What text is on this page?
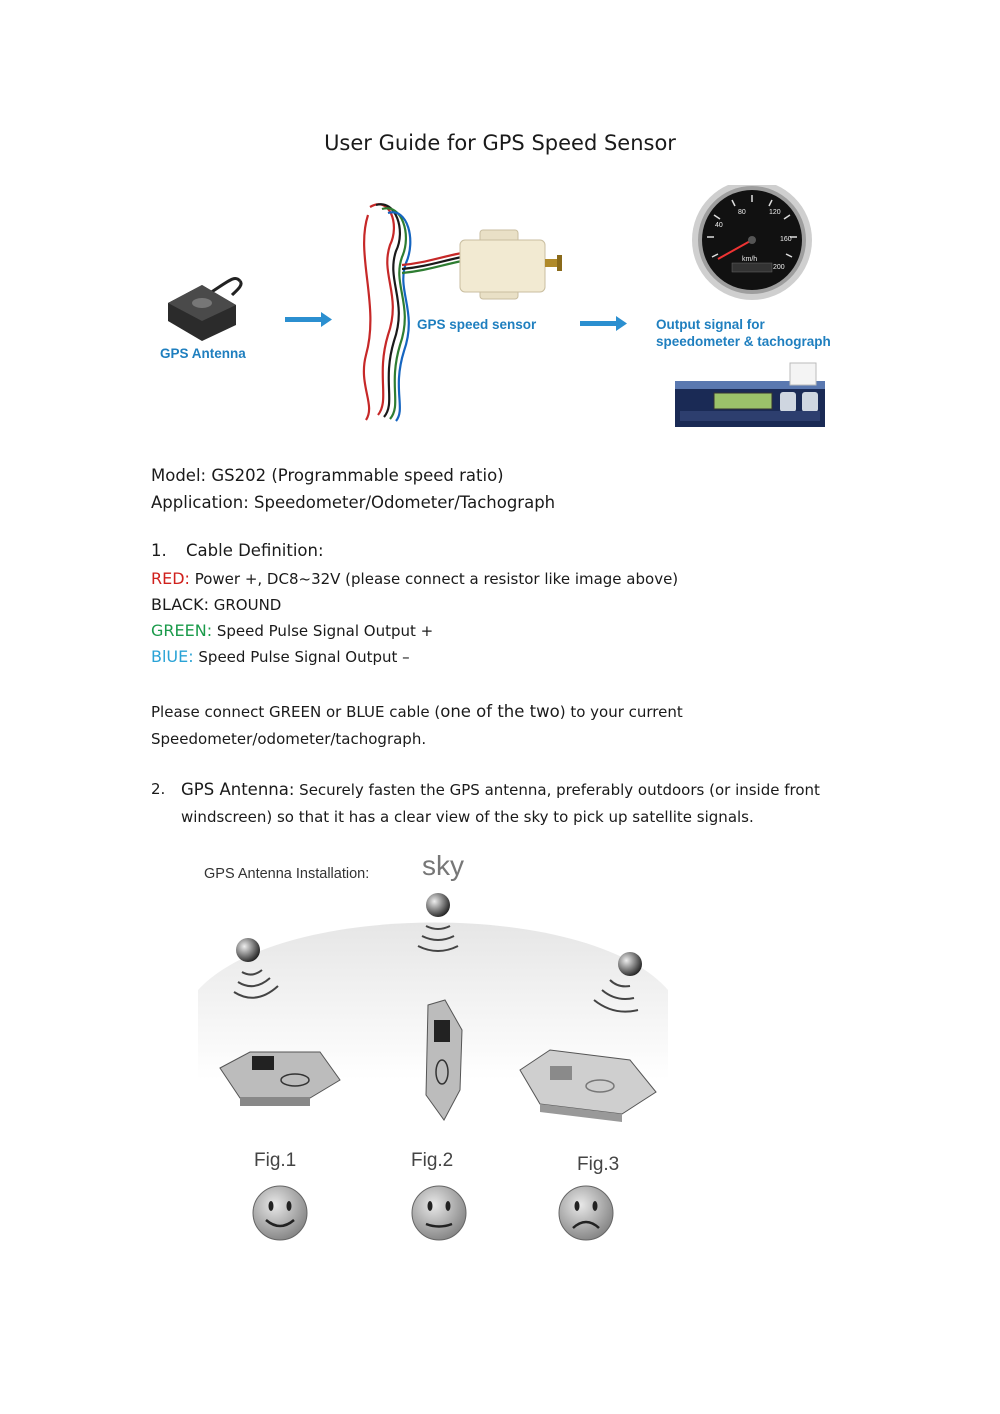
User Guide for GPS Speed Sensor
80	120
40
160
200
km/h
GPS Antenna
GPS speed sensor	Output signal for
speedometer & tachograph
Model: GS202 (Programmable speed ratio)
Application: Speedometer/Odometer/Tachograph
1. Cable Definition:
RED: Power +, DC8~32V (please connect a resistor like image above)
BLACK: GROUND
GREEN: Speed Pulse Signal Output +
BlUE: Speed Pulse Signal Output –
Please connect GREEN or BLUE cable (one of the two) to your current
Speedometer/odometer/tachograph.
2. GPS Antenna: Securely fasten the GPS antenna, preferably outdoors (or inside front
windscreen) so that it has a clear view of the sky to pick up satellite signals.
GPS Antenna Installation: sky
Fig.1	Fig.2	Fig.3
